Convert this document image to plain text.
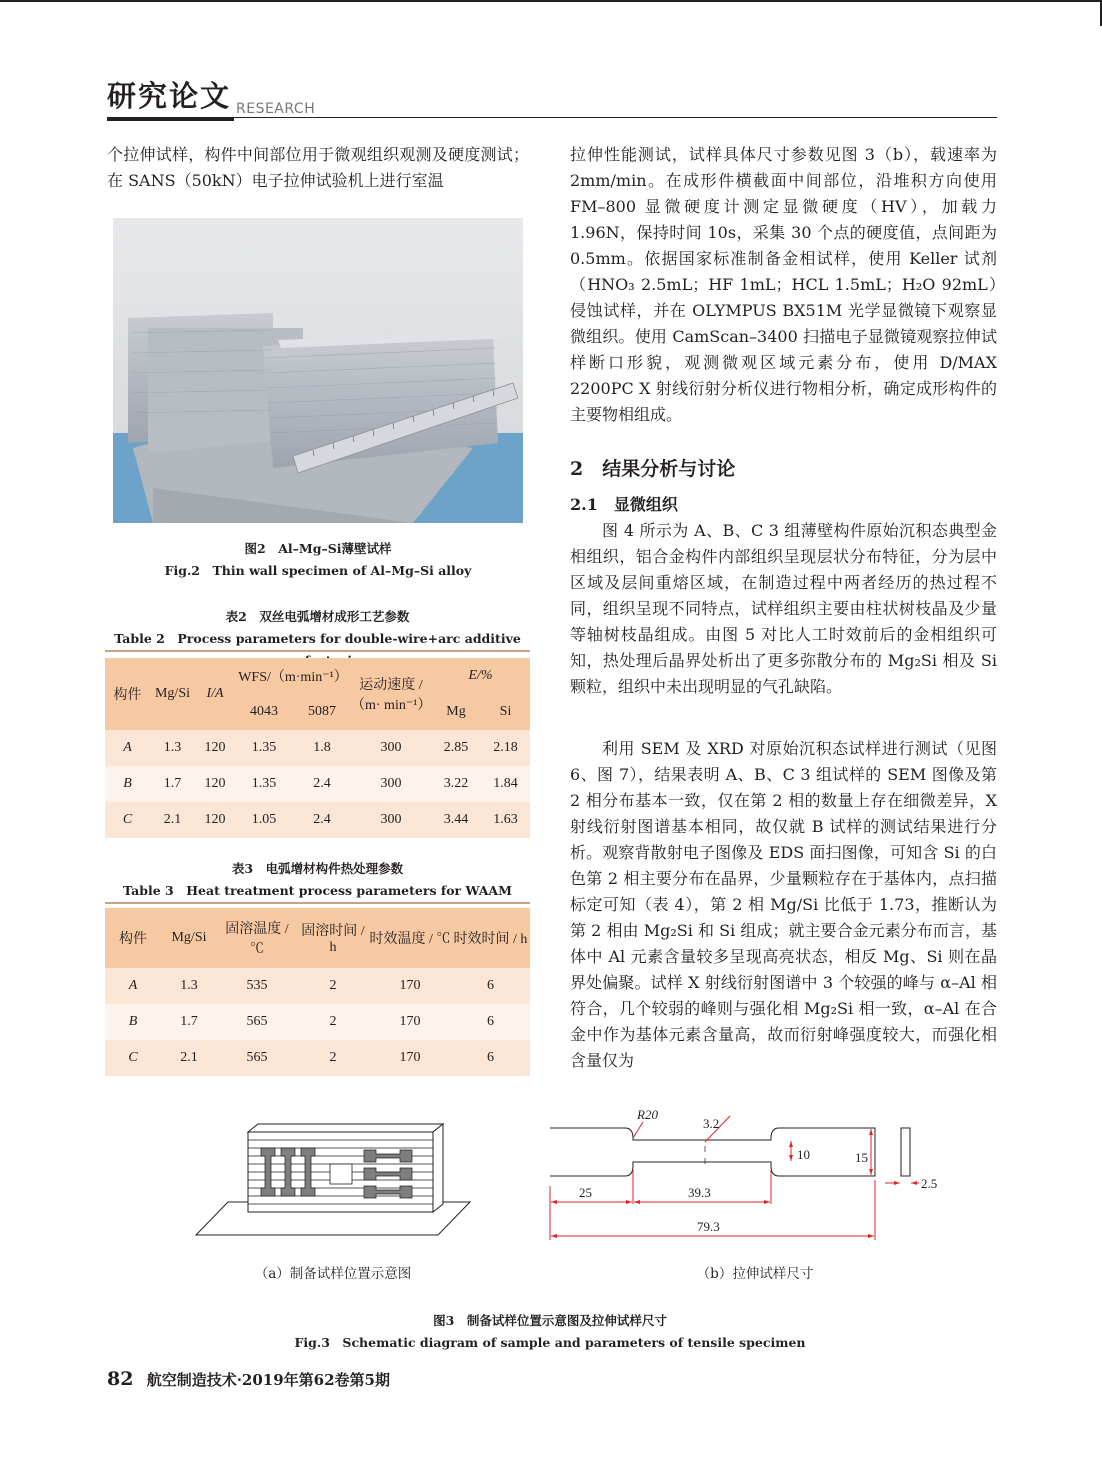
研究论文 RESEARCH

个拉伸试样，构件中间部位用于微观组织观测及硬度测试；在 SANS（50kN）电子拉伸试验机上进行室温

图2　Al–Mg–Si薄壁试样
Fig.2　Thin wall specimen of Al–Mg–Si alloy
表2　双丝电弧增材成形工艺参数
Table 2　Process parameters for double-wire+arc additive
构件	Mg/Si	I/A	WFS/（m·min⁻¹）		运动速度 / （m· min⁻¹）	E/%	
			4043	5087		Mg	Si
A	1.3	120	1.35	1.8	300	2.85	2.18
B	1.7	120	1.35	2.4	300	3.22	1.84
C	2.1	120	1.05	2.4	300	3.44	1.63
表3　电弧增材构件热处理参数
Table 3　Heat treatment process parameters for WAAM
构件	Mg/Si	固溶温度 / ℃	固溶时间 / h	时效温度 / ℃	时效时间 / h
A	1.3	535	2	170	6
B	1.7	565	2	170	6
C	2.1	565	2	170	6

拉伸性能测试，试样具体尺寸参数见图 3（b），载速率为 2mm/min。在成形件横截面中间部位，沿堆积方向使用 FM–800 显微硬度计测定显微硬度（HV），加载力 1.96N，保持时间 10s，采集 30 个点的硬度值，点间距为 0.5mm。依据国家标准制备金相试样，使用 Keller 试剂（HNO₃ 2.5mL；HF 1mL；HCL 1.5mL；H₂O 92mL）侵蚀试样，并在 OLYMPUS BX51M 光学显微镜下观察显微组织。使用 CamScan–3400 扫描电子显微镜观察拉伸试样断口形貌，观测微观区域元素分布，使用 D/MAX 2200PC X 射线衍射分析仪进行物相分析，确定成形构件的主要物相组成。

2　结果分析与讨论
2.1　显微组织

图 4 所示为 A、B、C 3 组薄壁构件原始沉积态典型金相组织，铝合金构件内部组织呈现层状分布特征，分为层中区域及层间重熔区域，在制造过程中两者经历的热过程不同，组织呈现不同特点，试样组织主要由柱状树枝晶及少量等轴树枝晶组成。由图 5 对比人工时效前后的金相组织可知，热处理后晶界处析出了更多弥散分布的 Mg₂Si 相及 Si 颗粒，组织中未出现明显的气孔缺陷。

利用 SEM 及 XRD 对原始沉积态试样进行测试（见图 6、图 7），结果表明 A、B、C 3 组试样的 SEM 图像及第 2 相分布基本一致，仅在第 2 相的数量上存在细微差异，X 射线衍射图谱基本相同，故仅就 B 试样的测试结果进行分析。观察背散射电子图像及 EDS 面扫图像，可知含 Si 的白色第 2 相主要分布在晶界，少量颗粒存在于基体内，点扫描标定可知（表 4），第 2 相 Mg/Si 比低于 1.73，推断认为第 2 相由 Mg₂Si 和 Si 组成；就主要合金元素分布而言，基体中 Al 元素含量较多呈现高亮状态，相反 Mg、Si 则在晶界处偏聚。试样 X 射线衍射图谱中 3 个较强的峰与 α–Al 相符合，几个较弱的峰则与强化相 Mg₂Si 相一致，α–Al 在合金中作为基体元素含量高，故而衍射峰强度较大，而强化相含量仅为

（a）制备试样位置示意图
R20
3.2
10	15
2.5
25	39.3
79.3
（b）拉伸试样尺寸
图3　制备试样位置示意图及拉伸试样尺寸
Fig.3　Schematic diagram of sample and parameters of tensile specimen
82 航空制造技术·2019年第62卷第5期
